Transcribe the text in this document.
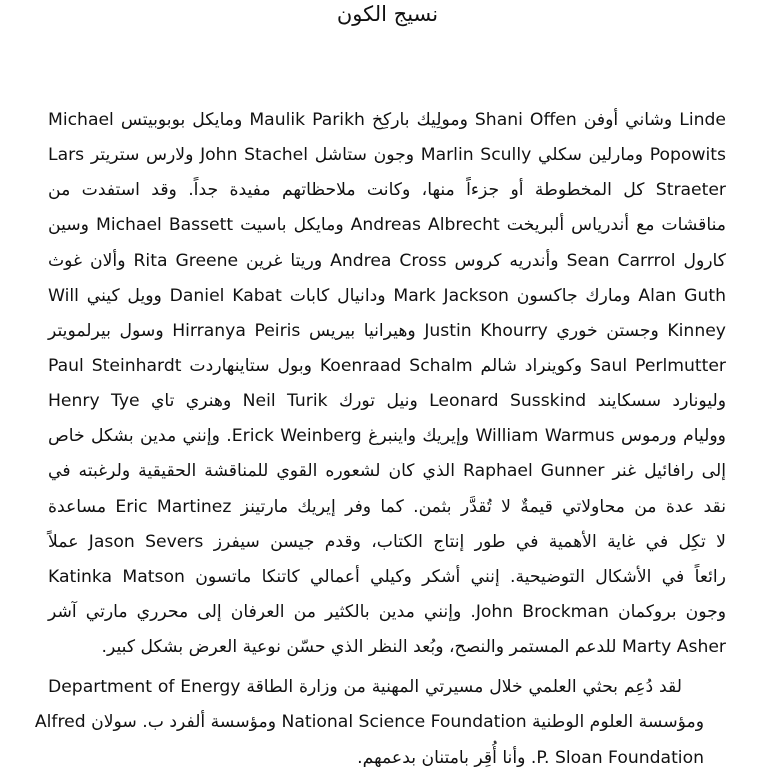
نسيج الكون
Linde وشاني أوفن Shani Offen ومولِيك باركِخ Maulik Parikh ومايكل بوبوبيتس Michael
Popowits ومارلين سكلي Marlin Scully وجون ستاشل John Stachel ولارس ستريتر Lars
Straeter كل المخطوطة أو جزءاً منها، وكانت ملاحظاتهم مفيدة جداً. وقد استفدت من
مناقشات مع أندرياس ألبريخت Andreas Albrecht ومايكل باسيت Michael Bassett وسين
كارول Sean Carrrol وأندريه كروس Andrea Cross وريتا غرين Rita Greene وألان غوث
Alan Guth ومارك جاكسون Mark Jackson ودانيال كابات Daniel Kabat وويل كيني Will
Kinney وجستن خوري Justin Khourry وهيرانيا بيريس Hirranya Peiris وسول بيرلمويتر
Saul Perlmutter وكوينراد شالم Koenraad Schalm وبول ستاينهاردت Paul Steinhardt
وليونارد سسكايند Leonard Susskind ونيل تورك Neil Turik وهنري تاي Henry Tye
ووليام ورموس William Warmus وإيريك واينبرغ Erick Weinberg. وإنني مدين بشكل خاص
إلى رافائيل غنر Raphael Gunner الذي كان لشعوره القوي للمناقشة الحقيقية ولرغبته في
نقد عدة من محاولاتي قيمةٌ لا تُقدَّر بثمن. كما وفر إيريك مارتينز Eric Martinez مساعدة
لا تكِل في غاية الأهمية في طور إنتاج الكتاب، وقدم جيسن سيفرز Jason Severs عملاً
رائعاً في الأشكال التوضيحية. إنني أشكر وكيلي أعمالي كاتنكا ماتسون Katinka Matson
وجون بروكمان John Brockman. وإنني مدين بالكثير من العرفان إلى محرري مارتي آشر
Marty Asher للدعم المستمر والنصح، وبُعد النظر الذي حسّن نوعية العرض بشكل كبير.
لقد دُعِم بحثي العلمي خلال مسيرتي المهنية من وزارة الطاقة Department of Energy
ومؤسسة العلوم الوطنية National Science Foundation ومؤسسة ألفرد ب. سولان Alfred
P. Sloan Foundation. وأنا أُقِر بامتنان بدعمهم.
